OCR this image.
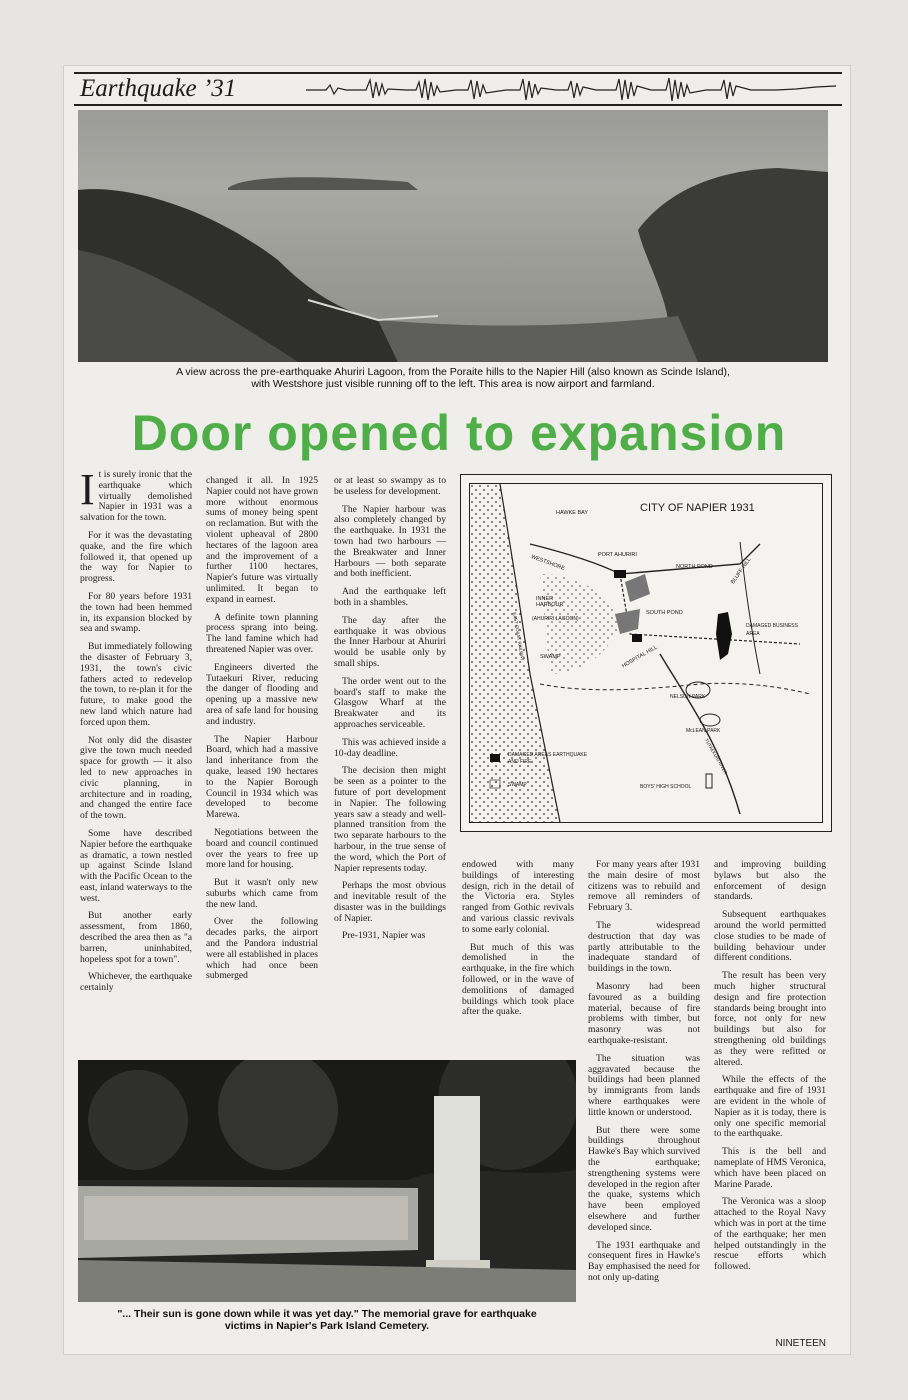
Earthquake ’31
A view across the pre-earthquake Ahuriri Lagoon, from the Poraite hills to the Napier Hill (also known as Scinde Island),
with Westshore just visible running off to the left. This area is now airport and farmland.
Door opened to expansion

It is surely ironic that the earthquake which virtually demolished Napier in 1931 was a salvation for the town.

For it was the devastating quake, and the fire which followed it, that opened up the way for Napier to progress.

For 80 years before 1931 the town had been hemmed in, its expansion blocked by sea and swamp.

But immediately following the disaster of February 3, 1931, the town's civic fathers acted to redevelop the town, to re-plan it for the future, to make good the new land which nature had forced upon them.

Not only did the disaster give the town much needed space for growth — it also led to new approaches in civic planning, in architecture and in roading, and changed the entire face of the town.

Some have described Napier before the earthquake as dramatic, a town nestled up against Scinde Island with the Pacific Ocean to the east, inland waterways to the west.

But another early assessment, from 1860, described the area then as "a barren, uninhabited, hopeless spot for a town".

Whichever, the earthquake certainly

changed it all. In 1925 Napier could not have grown more without enormous sums of money being spent on reclamation. But with the violent upheaval of 2800 hectares of the lagoon area and the improvement of a further 1100 hectares, Napier's future was virtually unlimited. It began to expand in earnest.

A definite town planning process sprang into being. The land famine which had threatened Napier was over.

Engineers diverted the Tutaekuri River, reducing the danger of flooding and opening up a massive new area of safe land for housing and industry.

The Napier Harbour Board, which had a massive land inheritance from the quake, leased 190 hectares to the Napier Borough Council in 1934 which was developed to become Marewa.

Negotiations between the board and council continued over the years to free up more land for housing.

But it wasn't only new suburbs which came from the new land.

Over the following decades parks, the airport and the Pandora industrial were all established in places which had once been submerged

or at least so swampy as to be useless for development.

The Napier harbour was also completely changed by the earthquake. In 1931 the town had two harbours — the Breakwater and Inner Harbours — both separate and both inefficient.

And the earthquake left both in a shambles.

The day after the earthquake it was obvious the Inner Harbour at Ahuriri would be usable only by small ships.

The order went out to the board's staff to make the Glasgow Wharf at the Breakwater and its approaches serviceable.

This was achieved inside a 10-day deadline.

The decision then might be seen as a pointer to the future of port development in Napier. The following years saw a steady and well-planned transition from the two separate harbours to the harbour, in the true sense of the word, which the Port of Napier represents today.

Perhaps the most obvious and inevitable result of the disaster was in the buildings of Napier.

Pre-1931, Napier was

CITY OF NAPIER 1931
HAWKE BAY
PORT AHURIRI
NORTH POND	BLUFF HILL
WESTSHORE
INNER HARBOUR
(AHURIRI LAGOON)
SOUTH POND
EAST COAST RAILWAY	SWAMP	HOSPITAL HILL
DAMAGED BUSINESS AREA
NELSON PARK
McLEAN PARK
TUTAEKURI RIVER
BOYS' HIGH SCHOOL
DAMAGED AREAS EARTHQUAKE AND FIRE
SWAMP

endowed with many buildings of interesting design, rich in the detail of the Victoria era. Styles ranged from Gothic revivals and various classic revivals to some early colonial.

But much of this was demolished in the earthquake, in the fire which followed, or in the wave of demolitions of damaged buildings which took place after the quake.

For many years after 1931 the main desire of most citizens was to rebuild and remove all reminders of February 3.

The widespread destruction that day was partly attributable to the inadequate standard of buildings in the town.

Masonry had been favoured as a building material, because of fire problems with timber, but masonry was not earthquake-resistant.

The situation was aggravated because the buildings had been planned by immigrants from lands where earthquakes were little known or understood.

But there were some buildings throughout Hawke's Bay which survived the earthquake; strengthening systems were developed in the region after the quake, systems which have been employed elsewhere and further developed since.

The 1931 earthquake and consequent fires in Hawke's Bay emphasised the need for not only up-dating

and improving building bylaws but also the enforcement of design standards.

Subsequent earthquakes around the world permitted close studies to be made of building behaviour under different conditions.

The result has been very much higher structural design and fire protection standards being brought into force, not only for new buildings but also for strengthening old buildings as they were refitted or altered.

While the effects of the earthquake and fire of 1931 are evident in the whole of Napier as it is today, there is only one specific memorial to the earthquake.

This is the bell and nameplate of HMS Veronica, which have been placed on Marine Parade.

The Veronica was a sloop attached to the Royal Navy which was in port at the time of the earthquake; her men helped outstandingly in the rescue efforts which followed.

"... Their sun is gone down while it was yet day." The memorial grave for earthquake
victims in Napier's Park Island Cemetery.
NINETEEN
